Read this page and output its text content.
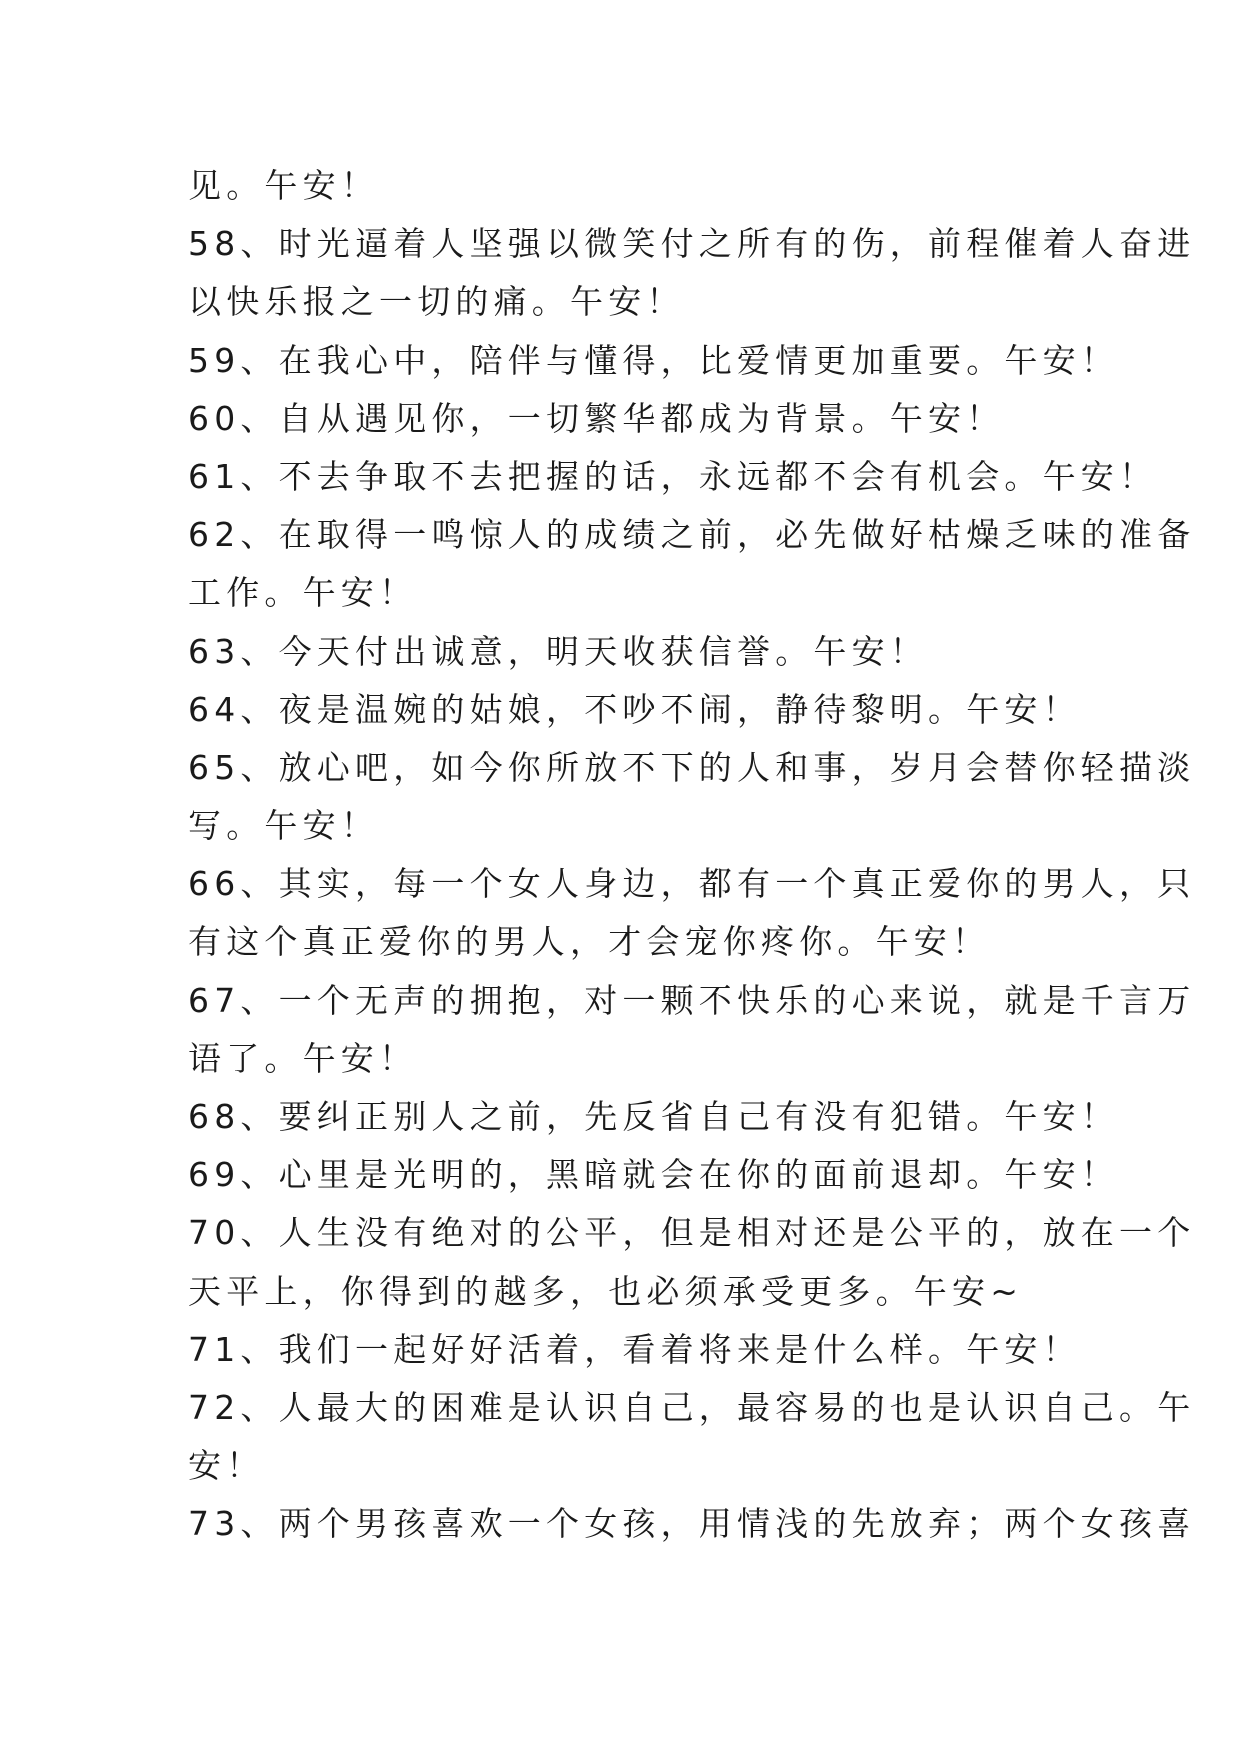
见。午安！
58、时光逼着人坚强以微笑付之所有的伤，前程催着人奋进
以快乐报之一切的痛。午安！
59、在我心中，陪伴与懂得，比爱情更加重要。午安！
60、自从遇见你，一切繁华都成为背景。午安！
61、不去争取不去把握的话，永远都不会有机会。午安！
62、在取得一鸣惊人的成绩之前，必先做好枯燥乏味的准备
工作。午安！
63、今天付出诚意，明天收获信誉。午安！
64、夜是温婉的姑娘，不吵不闹，静待黎明。午安！
65、放心吧，如今你所放不下的人和事，岁月会替你轻描淡
写。午安！
66、其实，每一个女人身边，都有一个真正爱你的男人，只
有这个真正爱你的男人，才会宠你疼你。午安！
67、一个无声的拥抱，对一颗不快乐的心来说，就是千言万
语了。午安！
68、要纠正别人之前，先反省自己有没有犯错。午安！
69、心里是光明的，黑暗就会在你的面前退却。午安！
70、人生没有绝对的公平，但是相对还是公平的，放在一个
天平上，你得到的越多，也必须承受更多。午安~
71、我们一起好好活着，看着将来是什么样。午安！
72、人最大的困难是认识自己，最容易的也是认识自己。午
安！
73、两个男孩喜欢一个女孩，用情浅的先放弃；两个女孩喜
